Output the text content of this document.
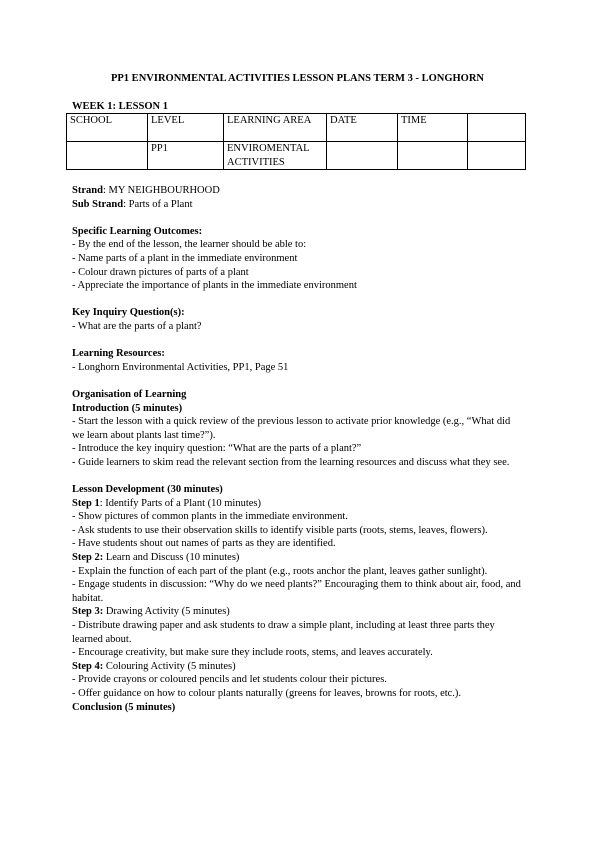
PP1 ENVIRONMENTAL ACTIVITIES LESSON PLANS TERM 3 - LONGHORN
WEEK 1: LESSON 1
SCHOOL	LEVEL	LEARNING AREA	DATE	TIME	
	PP1	ENVIROMENTAL ACTIVITIES			

Strand: MY NEIGHBOURHOOD

Sub Strand: Parts of a Plant

Specific Learning Outcomes:

- By the end of the lesson, the learner should be able to:

- Name parts of a plant in the immediate environment

- Colour drawn pictures of parts of a plant

- Appreciate the importance of plants in the immediate environment

Key Inquiry Question(s):

- What are the parts of a plant?

Learning Resources:

- Longhorn Environmental Activities, PP1, Page 51

Organisation of Learning

Introduction (5 minutes)

- Start the lesson with a quick review of the previous lesson to activate prior knowledge (e.g., “What did we learn about plants last time?”).

- Introduce the key inquiry question: “What are the parts of a plant?”

- Guide learners to skim read the relevant section from the learning resources and discuss what they see.

Lesson Development (30 minutes)

Step 1: Identify Parts of a Plant (10 minutes)

- Show pictures of common plants in the immediate environment.

- Ask students to use their observation skills to identify visible parts (roots, stems, leaves, flowers).

- Have students shout out names of parts as they are identified.

Step 2: Learn and Discuss (10 minutes)

- Explain the function of each part of the plant (e.g., roots anchor the plant, leaves gather sunlight).

- Engage students in discussion: “Why do we need plants?” Encouraging them to think about air, food, and habitat.

Step 3: Drawing Activity (5 minutes)

- Distribute drawing paper and ask students to draw a simple plant, including at least three parts they learned about.

- Encourage creativity, but make sure they include roots, stems, and leaves accurately.

Step 4: Colouring Activity (5 minutes)

- Provide crayons or coloured pencils and let students colour their pictures.

- Offer guidance on how to colour plants naturally (greens for leaves, browns for roots, etc.).

Conclusion (5 minutes)
